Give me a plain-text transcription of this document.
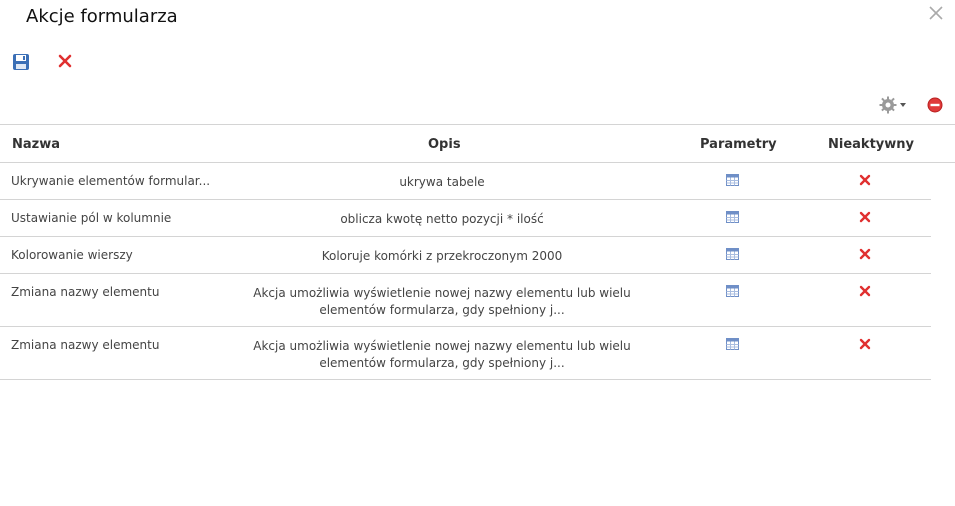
Akcje formularza
Nazwa	Opis	Parametry	Nieaktywny
Ukrywanie elementów formular...	ukrywa tabele
Ustawianie pól w kolumnie	oblicza kwotę netto pozycji * ilość
Kolorowanie wierszy	Koloruje komórki z przekroczonym 2000
Zmiana nazwy elementu	Akcja umożliwia wyświetlenie nowej nazwy elementu lub wielu elementów formularza, gdy spełniony j...
Zmiana nazwy elementu	Akcja umożliwia wyświetlenie nowej nazwy elementu lub wielu elementów formularza, gdy spełniony j...
